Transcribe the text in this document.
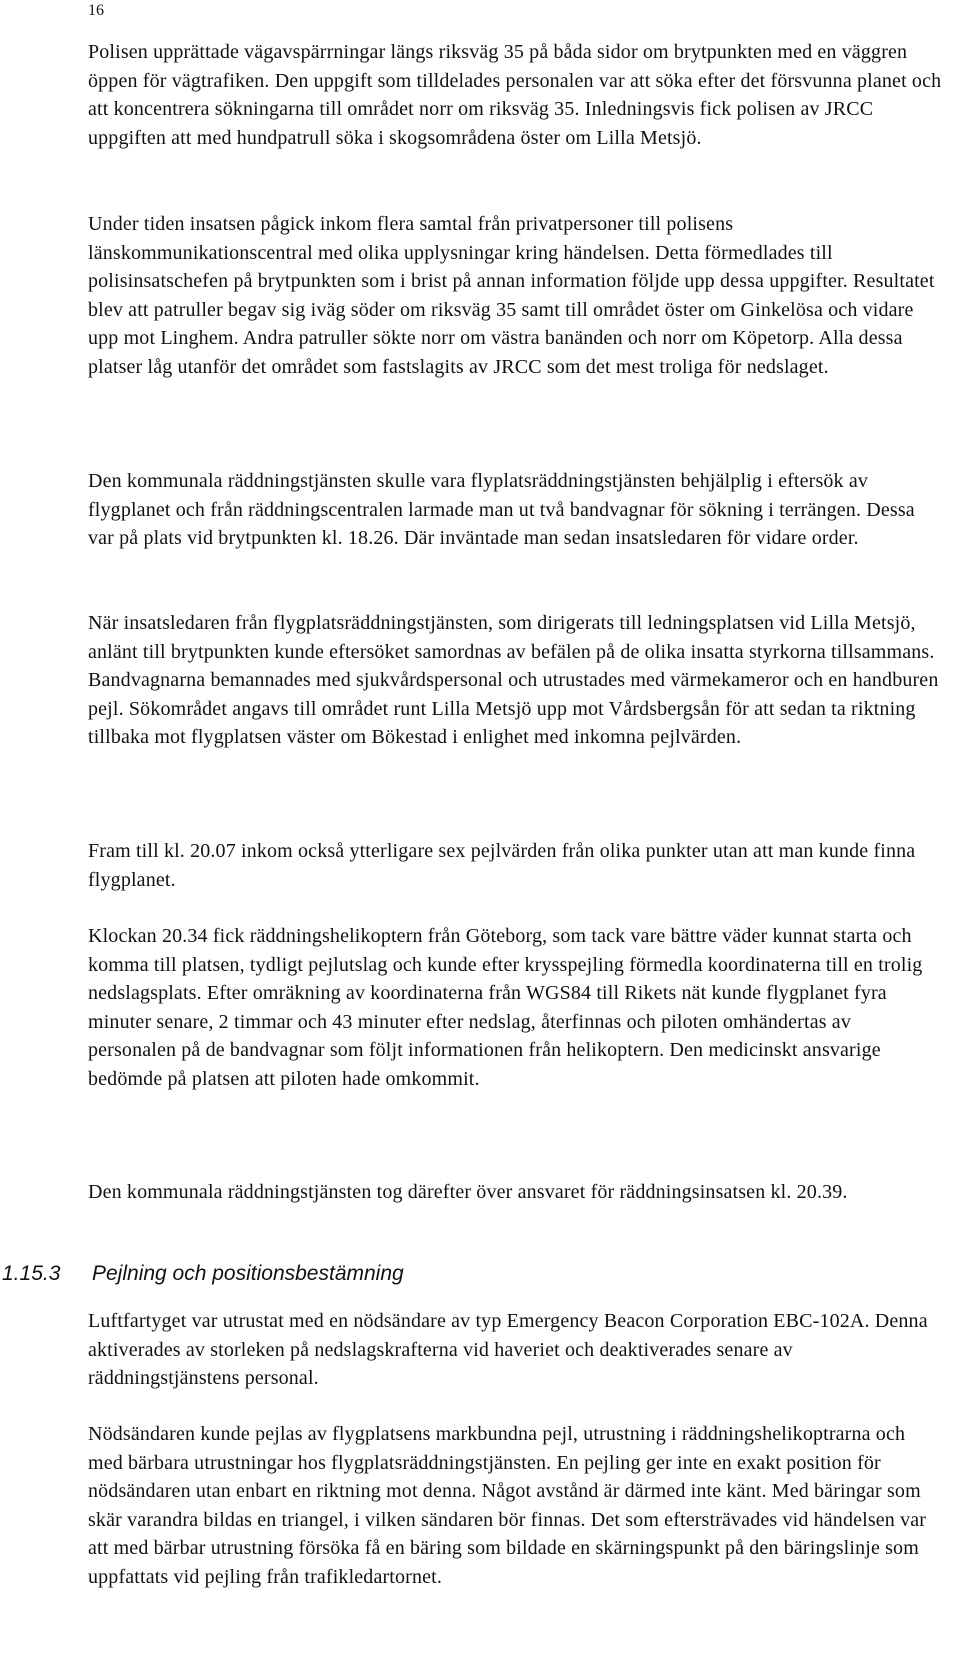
16

Polisen upprättade vägavspärrningar längs riksväg 35 på båda sidor om brytpunkten med en väggren öppen för vägtrafiken. Den uppgift som tilldelades personalen var att söka efter det försvunna planet och att koncentrera sökningarna till området norr om riksväg 35. Inledningsvis fick polisen av JRCC uppgiften att med hundpatrull söka i skogsområdena öster om Lilla Metsjö.

Under tiden insatsen pågick inkom flera samtal från privatpersoner till polisens länskommunikationscentral med olika upplysningar kring händelsen. Detta förmedlades till polisinsatschefen på brytpunkten som i brist på annan information följde upp dessa uppgifter. Resultatet blev att patruller begav sig iväg söder om riksväg 35 samt till området öster om Ginkelösa och vidare upp mot Linghem. Andra patruller sökte norr om västra banänden och norr om Köpetorp. Alla dessa platser låg utanför det området som fastslagits av JRCC som det mest troliga för nedslaget.

Den kommunala räddningstjänsten skulle vara flyplatsräddningstjänsten behjälplig i eftersök av flygplanet och från räddningscentralen larmade man ut två bandvagnar för sökning i terrängen. Dessa var på plats vid brytpunkten kl. 18.26. Där inväntade man sedan insatsledaren för vidare order.

När insatsledaren från flygplatsräddningstjänsten, som dirigerats till ledningsplatsen vid Lilla Metsjö, anlänt till brytpunkten kunde eftersöket samordnas av befälen på de olika insatta styrkorna tillsammans. Bandvagnarna bemannades med sjukvårdspersonal och utrustades med värmekameror och en handburen pejl. Sökområdet angavs till området runt Lilla Metsjö upp mot Vårdsbergsån för att sedan ta riktning tillbaka mot flygplatsen väster om Bökestad i enlighet med inkomna pejlvärden.

Fram till kl. 20.07 inkom också ytterligare sex pejlvärden från olika punkter utan att man kunde finna flygplanet.

Klockan 20.34 fick räddningshelikoptern från Göteborg, som tack vare bättre väder kunnat starta och komma till platsen, tydligt pejlutslag och kunde efter krysspejling förmedla koordinaterna till en trolig nedslagsplats. Efter omräkning av koordinaterna från WGS84 till Rikets nät kunde flygplanet fyra minuter senare, 2 timmar och 43 minuter efter nedslag, återfinnas och piloten omhändertas av personalen på de bandvagnar som följt informationen från helikoptern. Den medicinskt ansvarige bedömde på platsen att piloten hade omkommit.

Den kommunala räddningstjänsten tog därefter över ansvaret för räddningsinsatsen kl. 20.39.

1.15.3 Pejlning och positionsbestämning

Luftfartyget var utrustat med en nödsändare av typ Emergency Beacon Corporation EBC-102A. Denna aktiverades av storleken på nedslagskrafterna vid haveriet och deaktiverades senare av räddningstjänstens personal.

Nödsändaren kunde pejlas av flygplatsens markbundna pejl, utrustning i räddningshelikoptrarna och med bärbara utrustningar hos flygplatsräddningstjänsten. En pejling ger inte en exakt position för nödsändaren utan enbart en riktning mot denna. Något avstånd är därmed inte känt. Med bäringar som skär varandra bildas en triangel, i vilken sändaren bör finnas. Det som eftersträvades vid händelsen var att med bärbar utrustning försöka få en bäring som bildade en skärningspunkt på den bäringslinje som uppfattats vid pejling från trafikledartornet.
